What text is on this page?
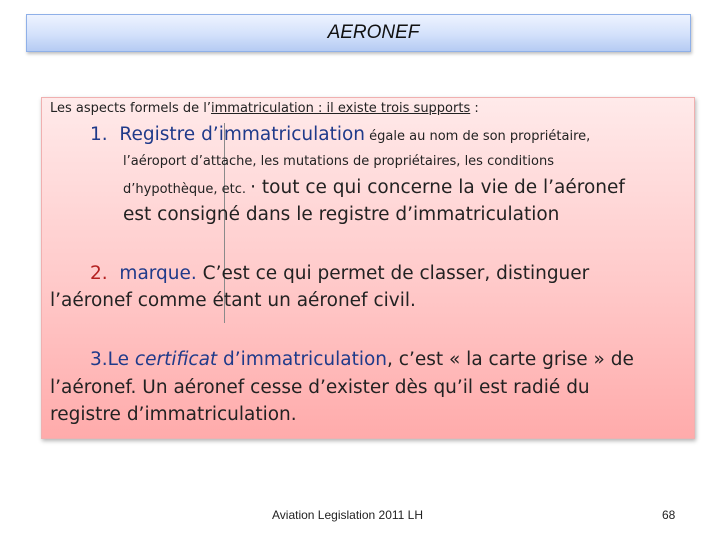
AERONEF
Les aspects formels de l’immatriculation : il existe trois supports :
1. Registre d’immatriculation égale au nom de son propriétaire,
l’aéroport d’attache, les mutations de propriétaires, les conditions
d’hypothèque, etc. · tout ce qui concerne la vie de l’aéronef
est consigné dans le registre d’immatriculation
2. marque. C’est ce qui permet de classer, distinguer
l’aéronef comme étant un aéronef civil.
3.Le certificat d’immatriculation, c’est « la carte grise » de
l’aéronef. Un aéronef cesse d’exister dès qu’il est radié du
registre d’immatriculation.
Aviation Legislation 2011 LH	68
